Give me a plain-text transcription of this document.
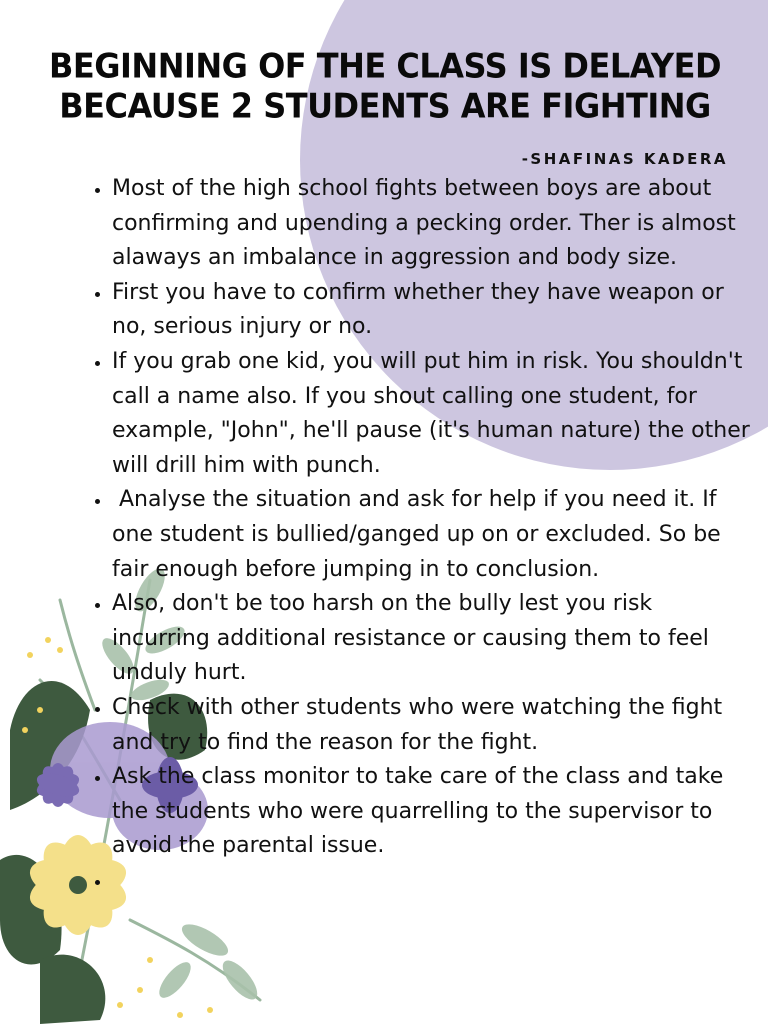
BEGINNING OF THE CLASS IS DELAYED
BECAUSE 2 STUDENTS ARE FIGHTING

-SHAFINAS KADERA

• Most of the high school fights between boys are about confirming and upending a pecking order. Ther is almost alaways an imbalance in aggression and body size.
• First you have to confirm whether they have weapon or no, serious injury or no.
• If you grab one kid, you will put him in risk. You shouldn't call a name also. If you shout calling one student, for example, "John", he'll pause (it's human nature) the other will drill him with punch.
•  Analyse the situation and ask for help if you need it. If one student is bullied/ganged up on or excluded. So be fair enough before jumping in to conclusion.
• Also, don't be too harsh on the bully lest you risk incurring additional resistance or causing them to feel unduly hurt.
• Check with other students who were watching the fight and try to find the reason for the fight.
• Ask the class monitor to take care of the class and take the students who were quarrelling to the supervisor to avoid the parental issue.
•
